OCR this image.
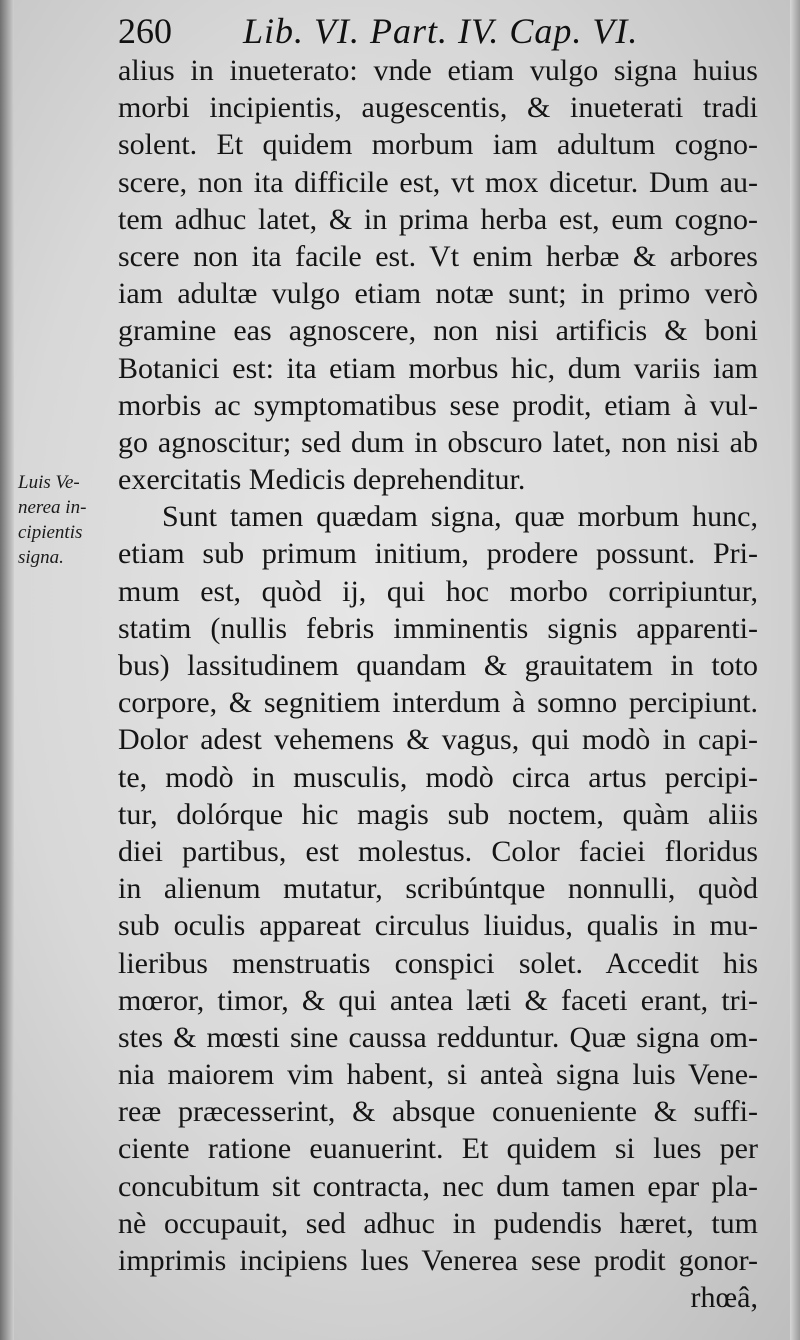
260 Lib. VI. Part. IV. Cap. VI.
Luis Ve-
nerea in-
cipientis
signa.
alius in inueterato: vnde etiam vulgo signa huius
morbi incipientis, augescentis, & inueterati tradi
solent. Et quidem morbum iam adultum cogno-
scere, non ita difficile est, vt mox dicetur. Dum au-
tem adhuc latet, & in prima herba est, eum cogno-
scere non ita facile est. Vt enim herbæ & arbores
iam adultæ vulgo etiam notæ sunt; in primo verò
gramine eas agnoscere, non nisi artificis & boni
Botanici est: ita etiam morbus hic, dum variis iam
morbis ac symptomatibus sese prodit, etiam à vul-
go agnoscitur; sed dum in obscuro latet, non nisi ab
exercitatis Medicis deprehenditur.
Sunt tamen quædam signa, quæ morbum hunc,
etiam sub primum initium, prodere possunt. Pri-
mum est, quòd ij, qui hoc morbo corripiuntur,
statim (nullis febris imminentis signis apparenti-
bus) lassitudinem quandam & grauitatem in toto
corpore, & segnitiem interdum à somno percipiunt.
Dolor adest vehemens & vagus, qui modò in capi-
te, modò in musculis, modò circa artus percipi-
tur, dolórque hic magis sub noctem, quàm aliis
diei partibus, est molestus. Color faciei floridus
in alienum mutatur, scribúntque nonnulli, quòd
sub oculis appareat circulus liuidus, qualis in mu-
lieribus menstruatis conspici solet. Accedit his
mœror, timor, & qui antea læti & faceti erant, tri-
stes & mœsti sine caussa redduntur. Quæ signa om-
nia maiorem vim habent, si anteà signa luis Vene-
reæ præcesserint, & absque conueniente & suffi-
ciente ratione euanuerint. Et quidem si lues per
concubitum sit contracta, nec dum tamen epar pla-
nè occupauit, sed adhuc in pudendis hæret, tum
imprimis incipiens lues Venerea sese prodit gonor-
rhœâ,
